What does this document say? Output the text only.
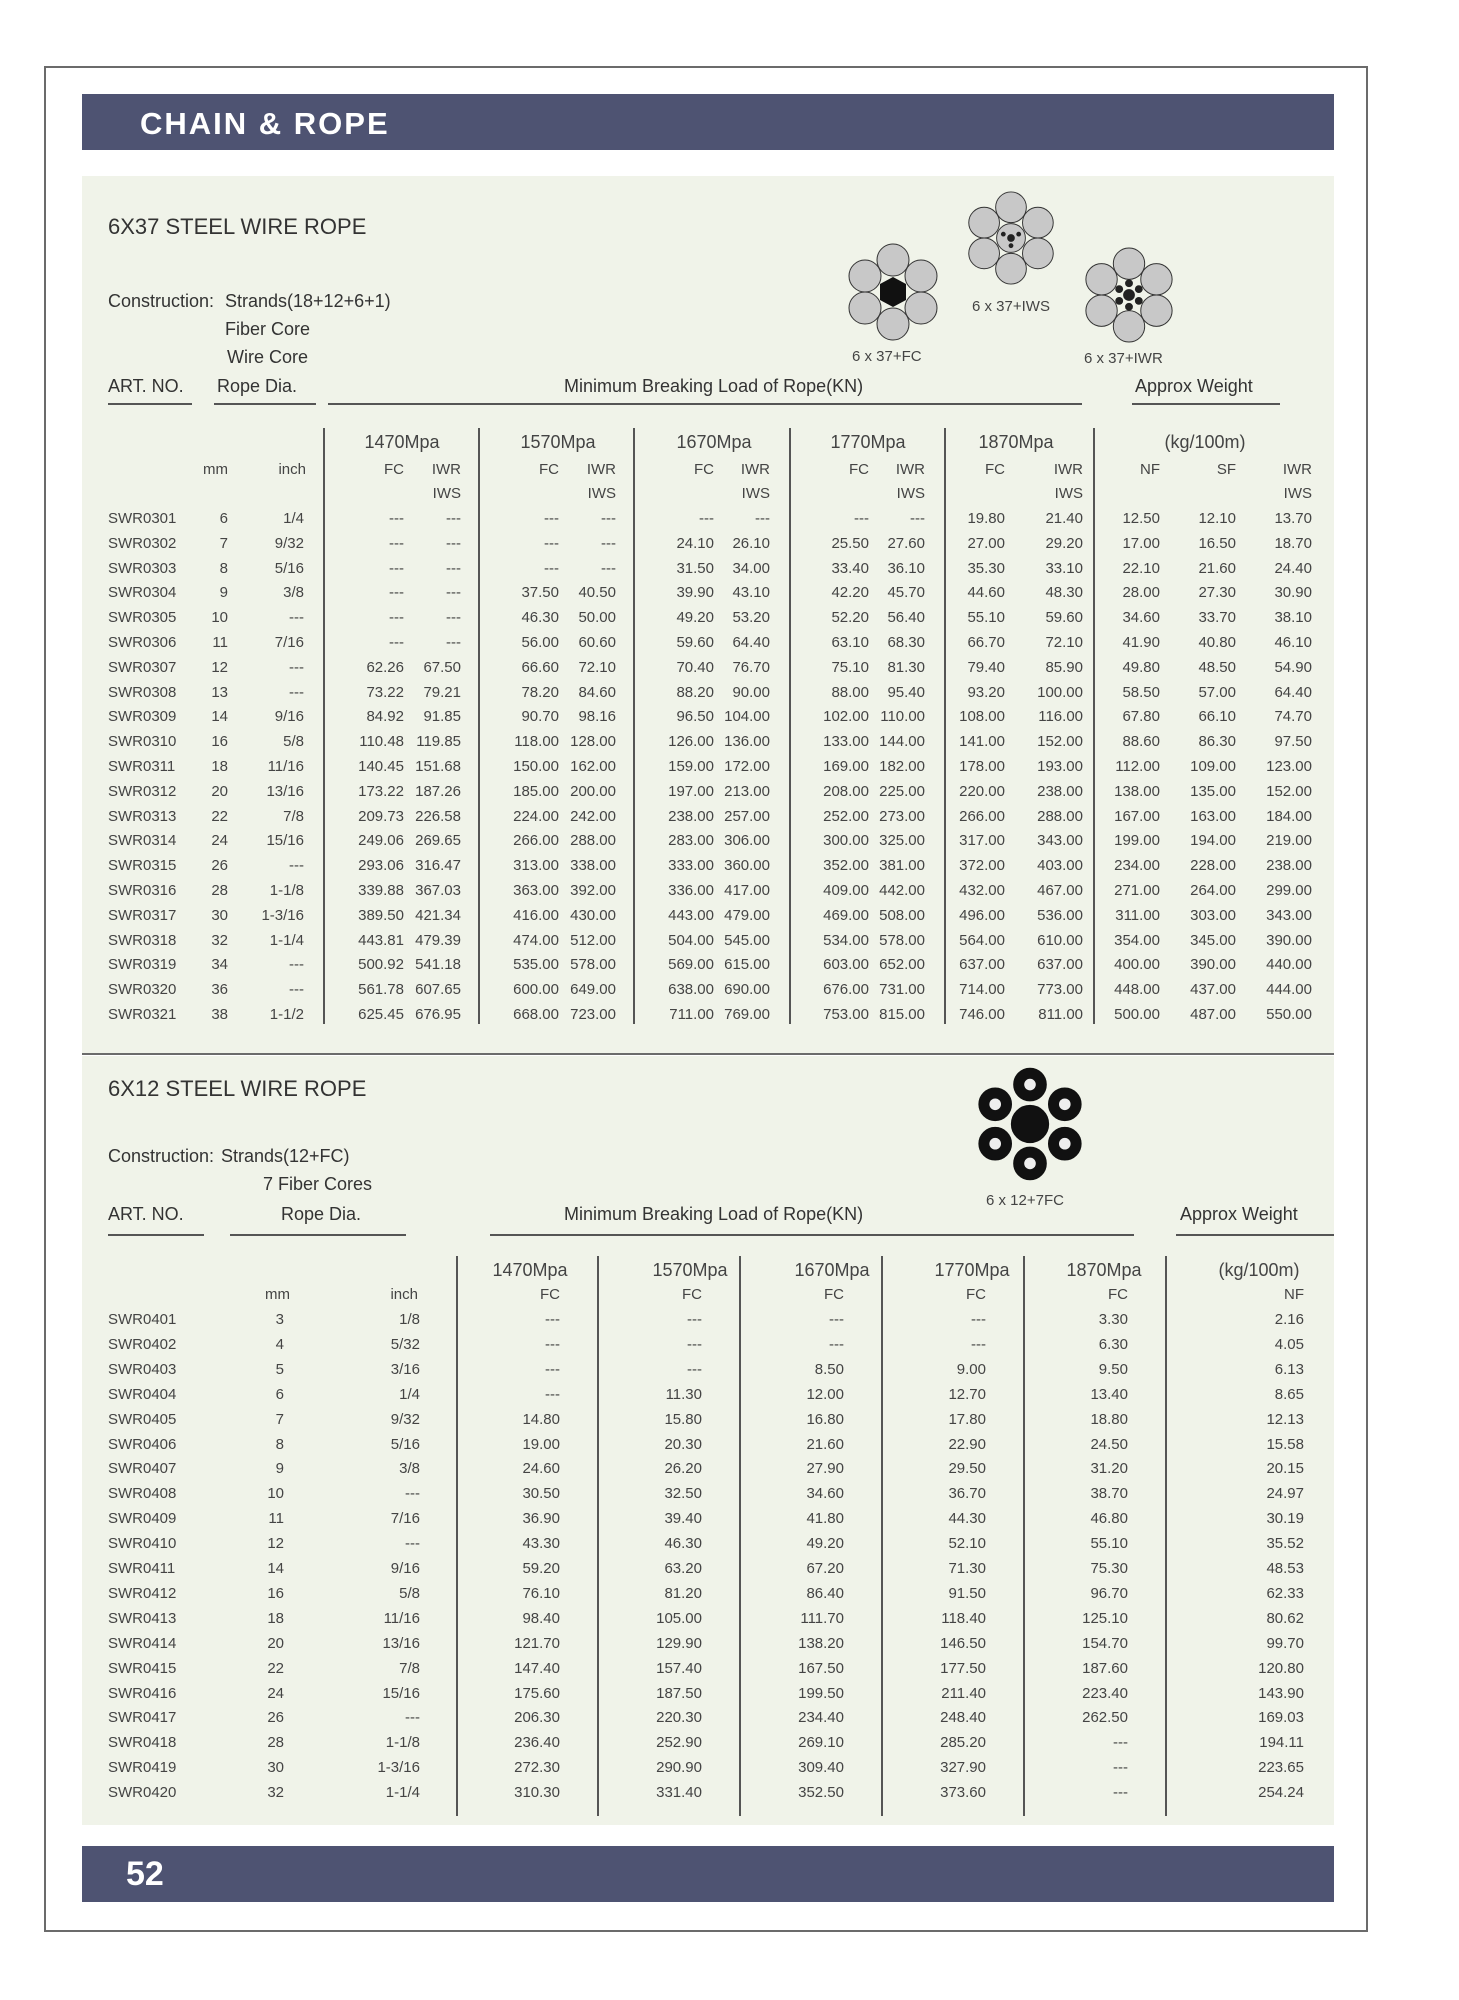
CHAIN & ROPE
6X37 STEEL WIRE ROPE
Construction: Strands(18+12+6+1)
Fiber Core
Wire Core
ART. NO. Rope Dia.	Minimum Breaking Load of Rope(KN)	Approx Weight
6 x 37+FC
6 x 37+IWS
6 x 37+IWR
1470Mpa	1570Mpa	1670Mpa	1770Mpa	1870Mpa	(kg/100m)
mm	inch	FC	IWR
IWS
FC	IWR
IWS
FC	IWR
IWS
FC	IWR
IWS
FC	IWR
IWS
NF	SF	IWR
IWS
SWR0301	6	1/4	---	---	---	---	---	---	---	---	19.80	21.40	12.50	12.10	13.70
SWR0302	7	9/32	---	---	---	---	24.10	26.10	25.50	27.60	27.00	29.20	17.00	16.50	18.70
SWR0303	8	5/16	---	---	---	---	31.50	34.00	33.40	36.10	35.30	33.10	22.10	21.60	24.40
SWR0304	9	3/8	---	---	37.50	40.50	39.90	43.10	42.20	45.70	44.60	48.30	28.00	27.30	30.90
SWR0305	10	---	---	---	46.30	50.00	49.20	53.20	52.20	56.40	55.10	59.60	34.60	33.70	38.10
SWR0306	11	7/16	---	---	56.00	60.60	59.60	64.40	63.10	68.30	66.70	72.10	41.90	40.80	46.10
SWR0307	12	---	62.26	67.50	66.60	72.10	70.40	76.70	75.10	81.30	79.40	85.90	49.80	48.50	54.90
SWR0308	13	---	73.22	79.21	78.20	84.60	88.20	90.00	88.00	95.40	93.20	100.00	58.50	57.00	64.40
SWR0309	14	9/16	84.92	91.85	90.70	98.16	96.50 104.00	102.00 110.00	108.00	116.00	67.80	66.10	74.70
SWR0310	16	5/8	110.48 119.85	118.00 128.00	126.00 136.00	133.00 144.00	141.00	152.00	88.60	86.30	97.50
SWR0311	18	11/16	140.45 151.68	150.00 162.00	159.00 172.00	169.00 182.00	178.00	193.00	112.00	109.00	123.00
SWR0312	20	13/16	173.22 187.26	185.00 200.00	197.00 213.00	208.00 225.00	220.00	238.00	138.00	135.00	152.00
SWR0313	22	7/8	209.73 226.58	224.00 242.00	238.00 257.00	252.00 273.00	266.00	288.00	167.00	163.00	184.00
SWR0314	24	15/16	249.06 269.65	266.00 288.00	283.00 306.00	300.00 325.00	317.00	343.00	199.00	194.00	219.00
SWR0315	26	---	293.06 316.47	313.00 338.00	333.00 360.00	352.00 381.00	372.00	403.00	234.00	228.00	238.00
SWR0316	28	1-1/8	339.88 367.03	363.00 392.00	336.00 417.00	409.00 442.00	432.00	467.00	271.00	264.00	299.00
SWR0317	30	1-3/16	389.50 421.34	416.00 430.00	443.00 479.00	469.00 508.00	496.00	536.00	311.00	303.00	343.00
SWR0318	32	1-1/4	443.81 479.39	474.00 512.00	504.00 545.00	534.00 578.00	564.00	610.00	354.00	345.00	390.00
SWR0319	34	---	500.92 541.18	535.00 578.00	569.00 615.00	603.00 652.00	637.00	637.00	400.00	390.00	440.00
SWR0320	36	---	561.78 607.65	600.00 649.00	638.00 690.00	676.00 731.00	714.00	773.00	448.00	437.00	444.00
SWR0321	38	1-1/2	625.45 676.95	668.00 723.00	711.00 769.00	753.00 815.00	746.00	811.00	500.00	487.00	550.00
6X12 STEEL WIRE ROPE
Construction: Strands(12+FC)
7 Fiber Cores
ART. NO.	Rope Dia.	Minimum Breaking Load of Rope(KN)	Approx Weight
6 x 12+7FC
1470Mpa	1570Mpa	1670Mpa	1770Mpa	1870Mpa	(kg/100m)
mm	inch	FC	FC	FC	FC	FC	NF
SWR0401	3	1/8	---	---	---	---	3.30	2.16
SWR0402	4	5/32	---	---	---	---	6.30	4.05
SWR0403	5	3/16	---	---	8.50	9.00	9.50	6.13
SWR0404	6	1/4	---	11.30	12.00	12.70	13.40	8.65
SWR0405	7	9/32	14.80	15.80	16.80	17.80	18.80	12.13
SWR0406	8	5/16	19.00	20.30	21.60	22.90	24.50	15.58
SWR0407	9	3/8	24.60	26.20	27.90	29.50	31.20	20.15
SWR0408	10	---	30.50	32.50	34.60	36.70	38.70	24.97
SWR0409	11	7/16	36.90	39.40	41.80	44.30	46.80	30.19
SWR0410	12	---	43.30	46.30	49.20	52.10	55.10	35.52
SWR0411	14	9/16	59.20	63.20	67.20	71.30	75.30	48.53
SWR0412	16	5/8	76.10	81.20	86.40	91.50	96.70	62.33
SWR0413	18	11/16	98.40	105.00	111.70	118.40	125.10	80.62
SWR0414	20	13/16	121.70	129.90	138.20	146.50	154.70	99.70
SWR0415	22	7/8	147.40	157.40	167.50	177.50	187.60	120.80
SWR0416	24	15/16	175.60	187.50	199.50	211.40	223.40	143.90
SWR0417	26	---	206.30	220.30	234.40	248.40	262.50	169.03
SWR0418	28	1-1/8	236.40	252.90	269.10	285.20	---	194.11
SWR0419	30	1-3/16	272.30	290.90	309.40	327.90	---	223.65
SWR0420	32	1-1/4	310.30	331.40	352.50	373.60	---	254.24
52
